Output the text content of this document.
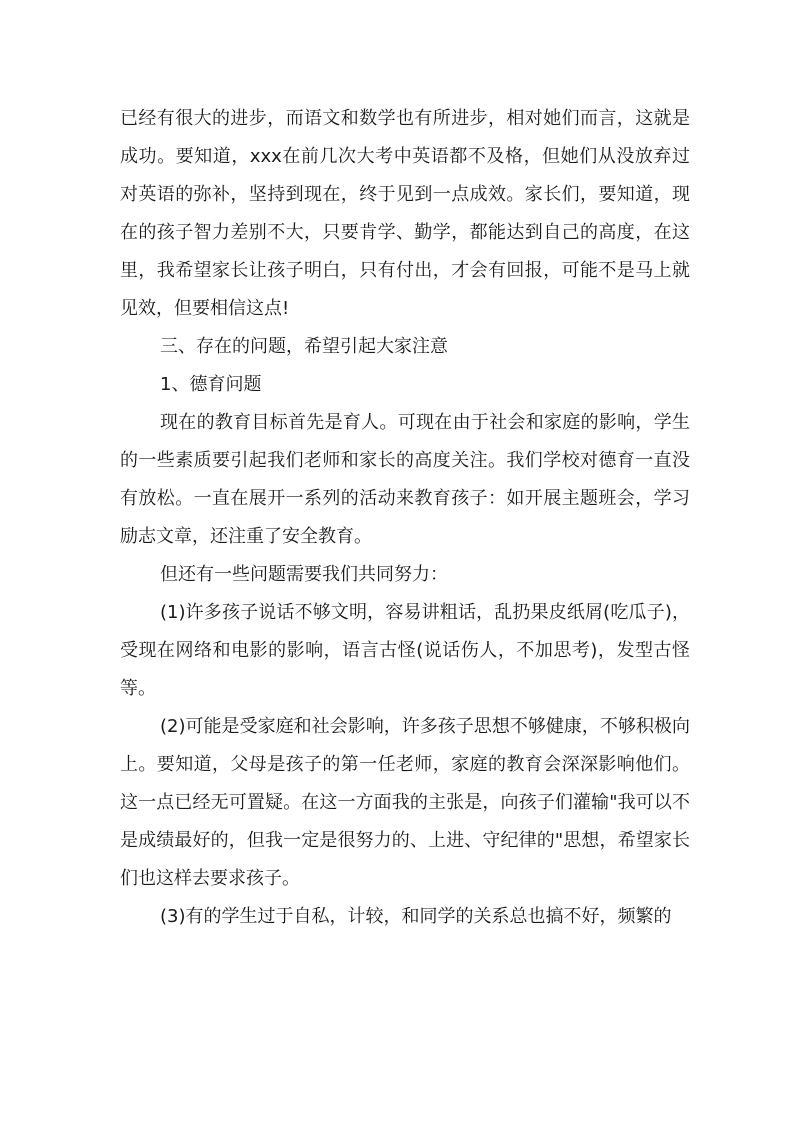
已经有很大的进步，而语文和数学也有所进步，相对她们而言，这就是成功。要知道，xxx在前几次大考中英语都不及格，但她们从没放弃过对英语的弥补，坚持到现在，终于见到一点成效。家长们，要知道，现在的孩子智力差别不大，只要肯学、勤学，都能达到自己的高度，在这里，我希望家长让孩子明白，只有付出，才会有回报，可能不是马上就见效，但要相信这点!

三、存在的问题，希望引起大家注意

1、德育问题

现在的教育目标首先是育人。可现在由于社会和家庭的影响，学生的一些素质要引起我们老师和家长的高度关注。我们学校对德育一直没有放松。一直在展开一系列的活动来教育孩子：如开展主题班会，学习励志文章，还注重了安全教育。

但还有一些问题需要我们共同努力：

(1)许多孩子说话不够文明，容易讲粗话，乱扔果皮纸屑(吃瓜子)，受现在网络和电影的影响，语言古怪(说话伤人，不加思考)，发型古怪等。

(2)可能是受家庭和社会影响，许多孩子思想不够健康，不够积极向上。要知道，父母是孩子的第一任老师，家庭的教育会深深影响他们。这一点已经无可置疑。在这一方面我的主张是，向孩子们灌输"我可以不是成绩最好的，但我一定是很努力的、上进、守纪律的"思想，希望家长们也这样去要求孩子。

(3)有的学生过于自私，计较，和同学的关系总也搞不好，频繁的
